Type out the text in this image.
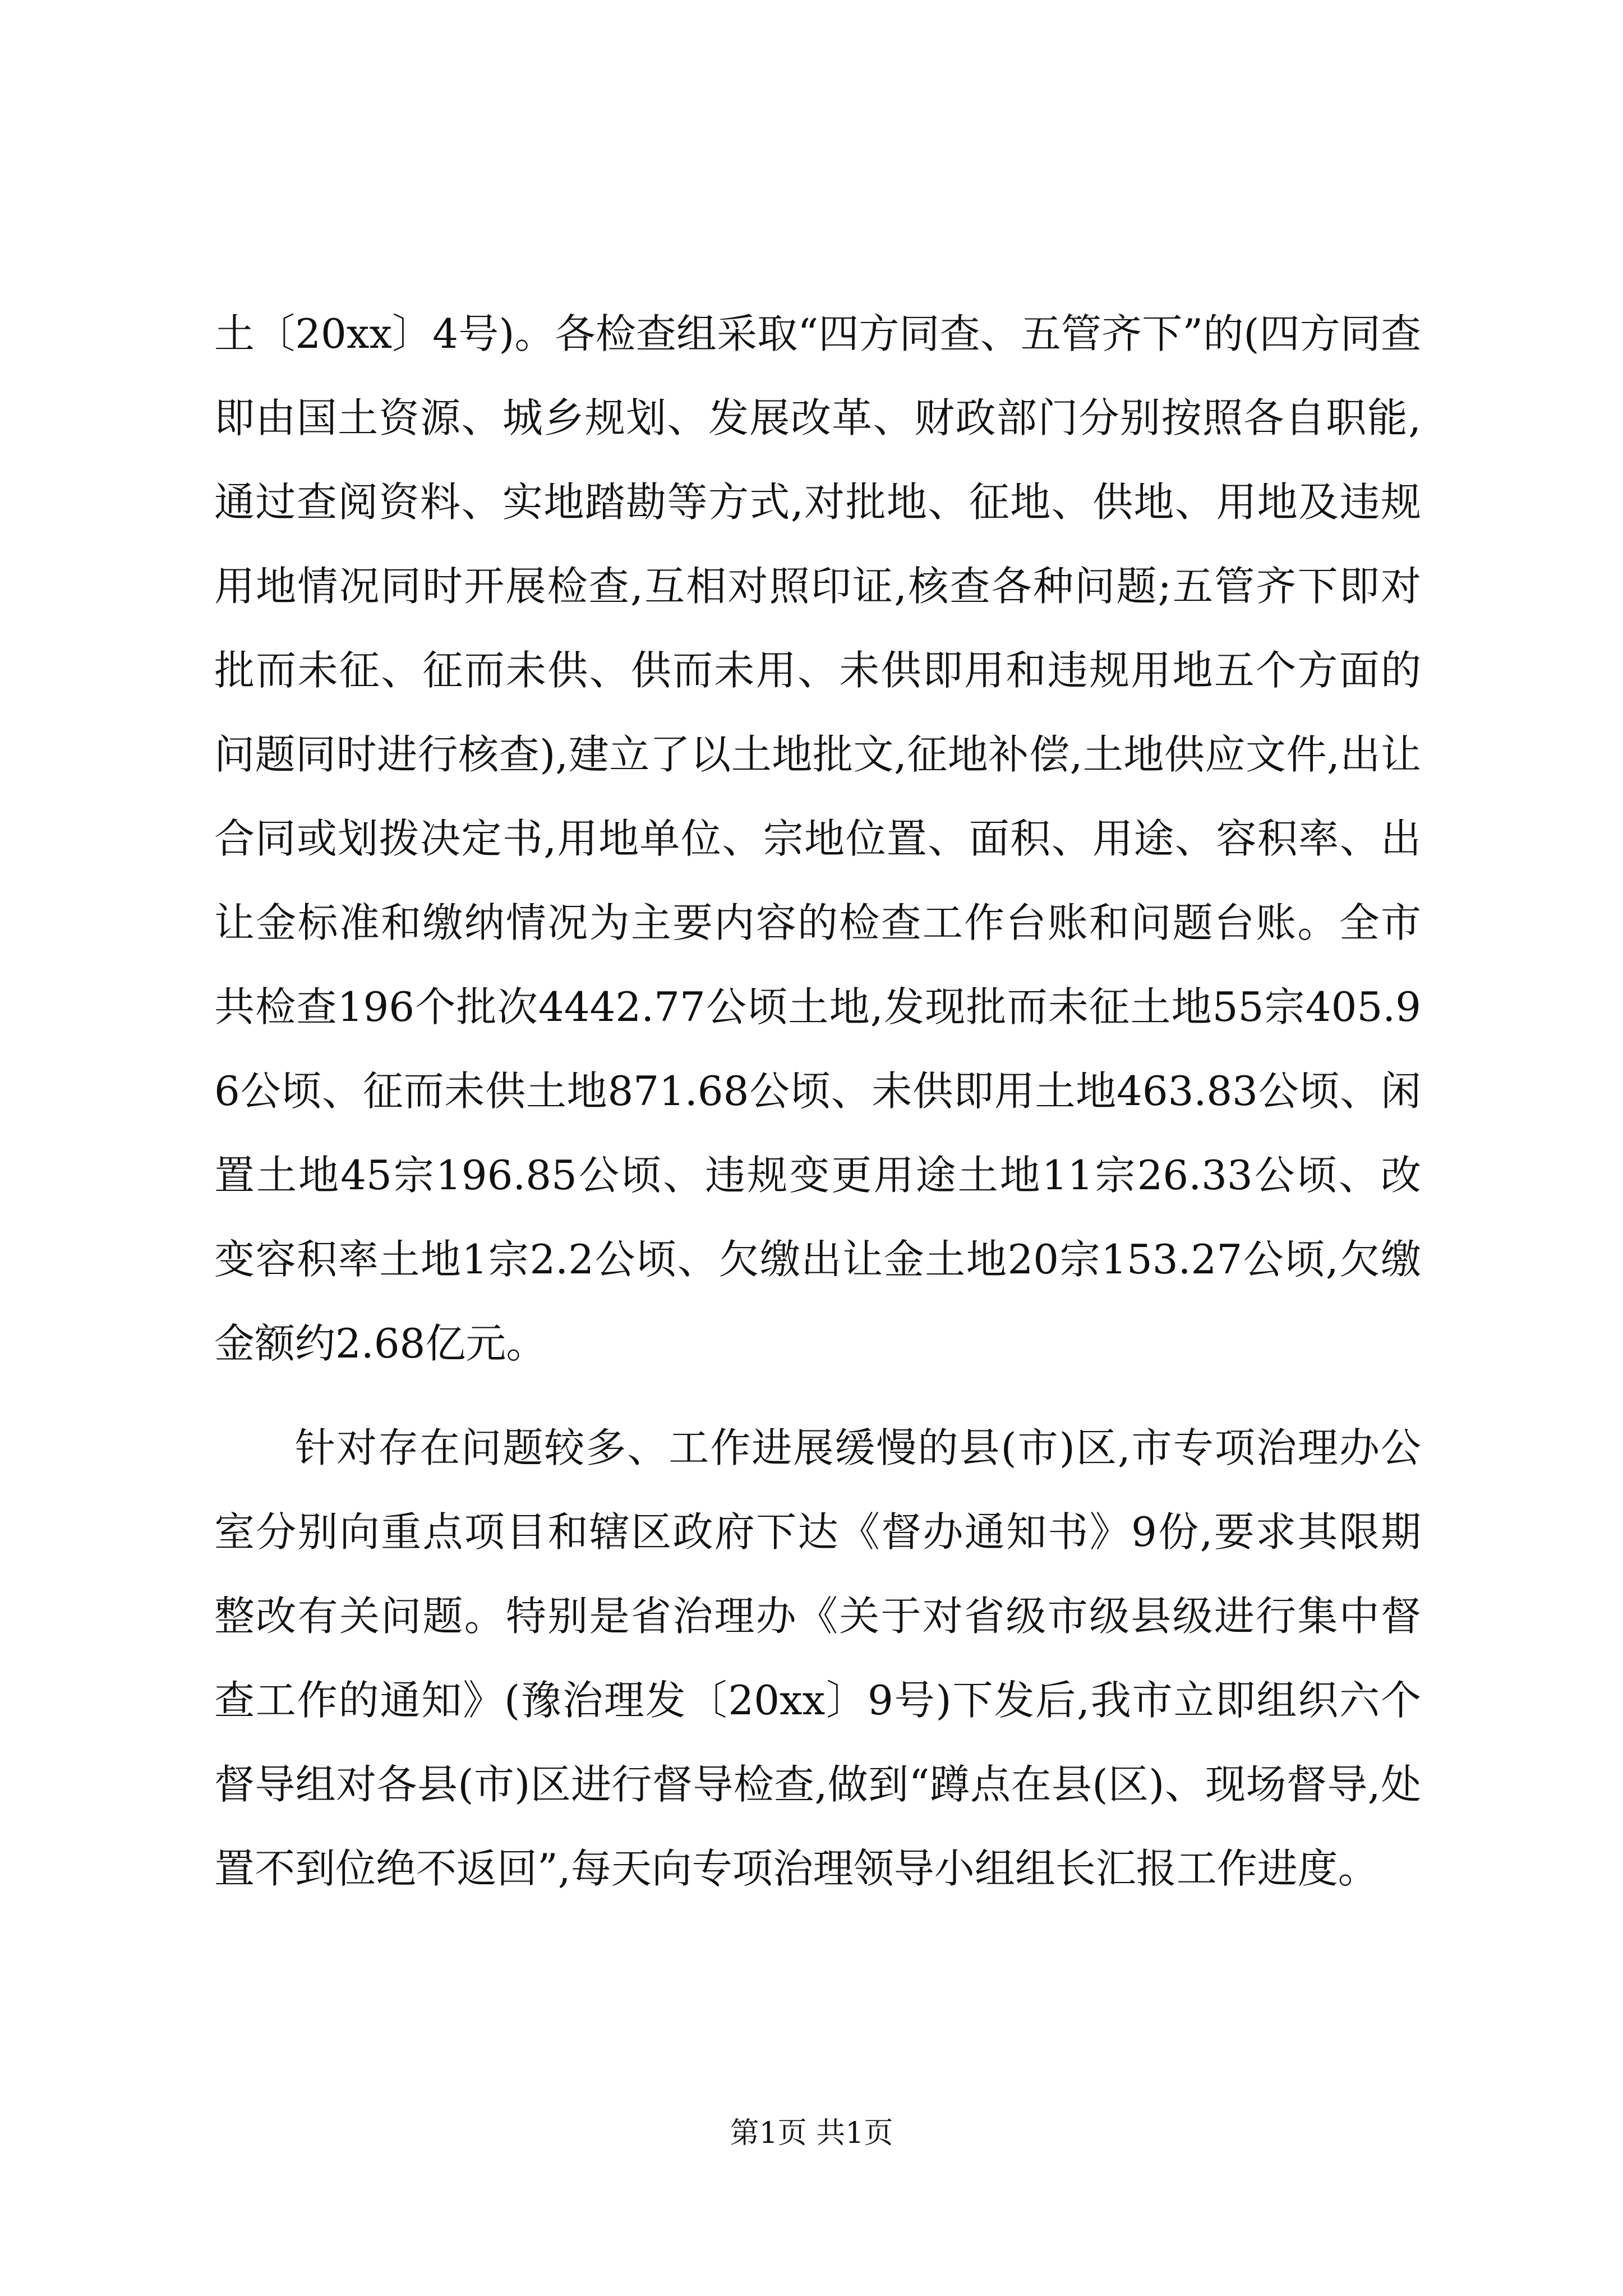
土〔20xx〕4号)。各检查组采取“四方同查、五管齐下”的(四方同查即由国土资源、城乡规划、发展改革、财政部门分别按照各自职能,通过查阅资料、实地踏勘等方式,对批地、征地、供地、用地及违规用地情况同时开展检查,互相对照印证,核查各种问题;五管齐下即对批而未征、征而未供、供而未用、未供即用和违规用地五个方面的问题同时进行核查),建立了以土地批文,征地补偿,土地供应文件,出让合同或划拨决定书,用地单位、宗地位置、面积、用途、容积率、出让金标准和缴纳情况为主要内容的检查工作台账和问题台账。全市共检查196个批次4442.77公顷土地,发现批而未征土地55宗405.96公顷、征而未供土地871.68公顷、未供即用土地463.83公顷、闲置土地45宗196.85公顷、违规变更用途土地11宗26.33公顷、改变容积率土地1宗2.2公顷、欠缴出让金土地20宗153.27公顷,欠缴金额约2.68亿元。

针对存在问题较多、工作进展缓慢的县(市)区,市专项治理办公室分别向重点项目和辖区政府下达《督办通知书》9份,要求其限期整改有关问题。特别是省治理办《关于对省级市级县级进行集中督查工作的通知》(豫治理发〔20xx〕9号)下发后,我市立即组织六个督导组对各县(市)区进行督导检查,做到“蹲点在县(区)、现场督导,处置不到位绝不返回”,每天向专项治理领导小组组长汇报工作进度。

第1页 共1页
